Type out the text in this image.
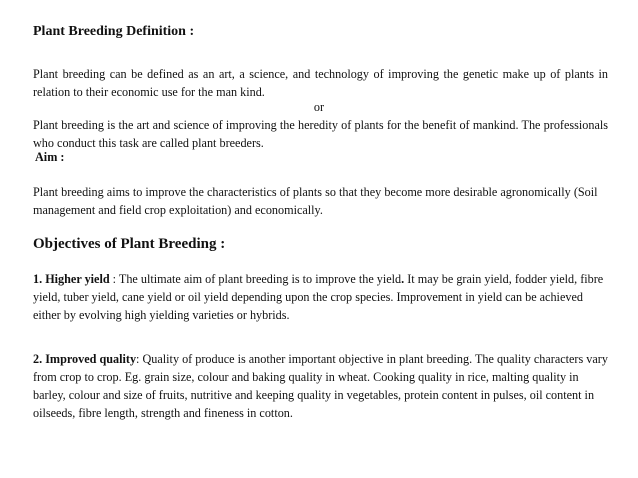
Plant Breeding Definition :

Plant breeding can be defined as an art, a science, and technology of improving the genetic make up of plants in relation to their economic use for the man kind.

or

Plant breeding is the art and science of improving the heredity of plants for the benefit of mankind. The professionals who conduct this task are called plant breeders.

Aim :

Plant breeding aims to improve the characteristics of plants so that they become more desirable agronomically (Soil management and field crop exploitation) and economically.

Objectives of Plant Breeding :

1. Higher yield : The ultimate aim of plant breeding is to improve the yield. It may be grain yield, fodder yield, fibre yield, tuber yield, cane yield or oil yield depending upon the crop species. Improvement in yield can be achieved either by evolving high yielding varieties or hybrids.

2. Improved quality: Quality of produce is another important objective in plant breeding. The quality characters vary from crop to crop. Eg. grain size, colour and baking quality in wheat. Cooking quality in rice, malting quality in barley, colour and size of fruits, nutritive and keeping quality in vegetables, protein content in pulses, oil content in oilseeds, fibre length, strength and fineness in cotton.
